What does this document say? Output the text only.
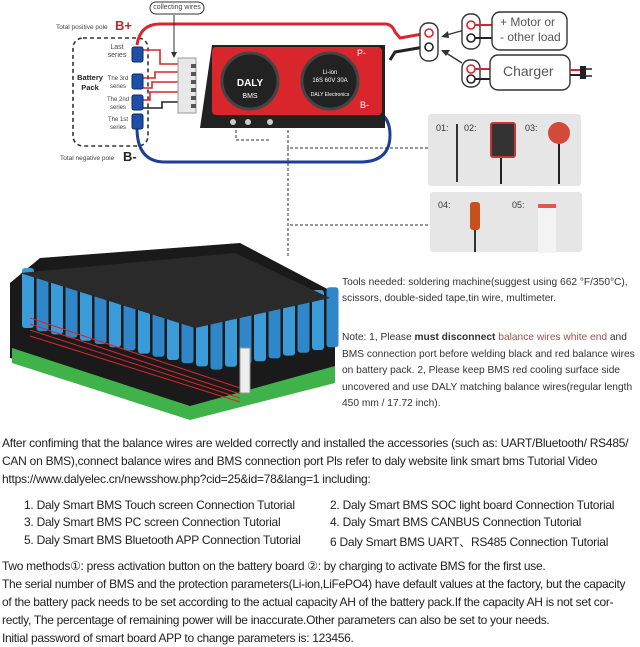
DALY
BMS
Li-ion
16S 60V 30A
DALY Electronics
collecting wires
Total positive pole B+
Total negative pole B-
Battery Pack
Last series
The 3rd series
The 2nd series
The 1st series
P-
B-
+ Motor or
- other load
Charger
01: 02:	03:
04:	05:
Tools needed: soldering machine(suggest using 662 °F/350°C), scissors, double-sided tape,tin wire, multimeter.
Note: 1, Please must disconnect balance wires white end and BMS connection port before welding black and red balance wires on battery pack. 2, Please keep BMS red cooling surface side uncovered and use DALY matching balance wires(regular length 450 mm / 17.72 inch).
After confiming that the balance wires are welded correctly and installed the accessories (such as: UART/Bluetooth/ RS485/
CAN on BMS),connect balance wires and BMS connection port Pls refer to daly website link smart bms Tutorial Video
https://www.dalyelec.cn/newsshow.php?cid=25&id=78&lang=1 including:
1. Daly Smart BMS Touch screen Connection Tutorial	2. Daly Smart BMS SOC light board Connection Tutorial
3. Daly Smart BMS PC screen Connection Tutorial	4. Daly Smart BMS CANBUS Connection Tutorial
5. Daly Smart BMS Bluetooth APP Connection Tutorial 6 Daly Smart BMS UART、RS485 Connection Tutorial
Two methods①: press activation button on the battery board ②: by charging to activate BMS for the first use.
The serial number of BMS and the protection parameters(Li-ion,LiFePO4) have default values at the factory, but the capacity
of the battery pack needs to be set according to the actual capacity AH of the battery pack.If the capacity AH is not set cor-
rectly, The percentage of remaining power will be inaccurate.Other parameters can also be set to your needs.
Initial password of smart board APP to change parameters is: 123456.
